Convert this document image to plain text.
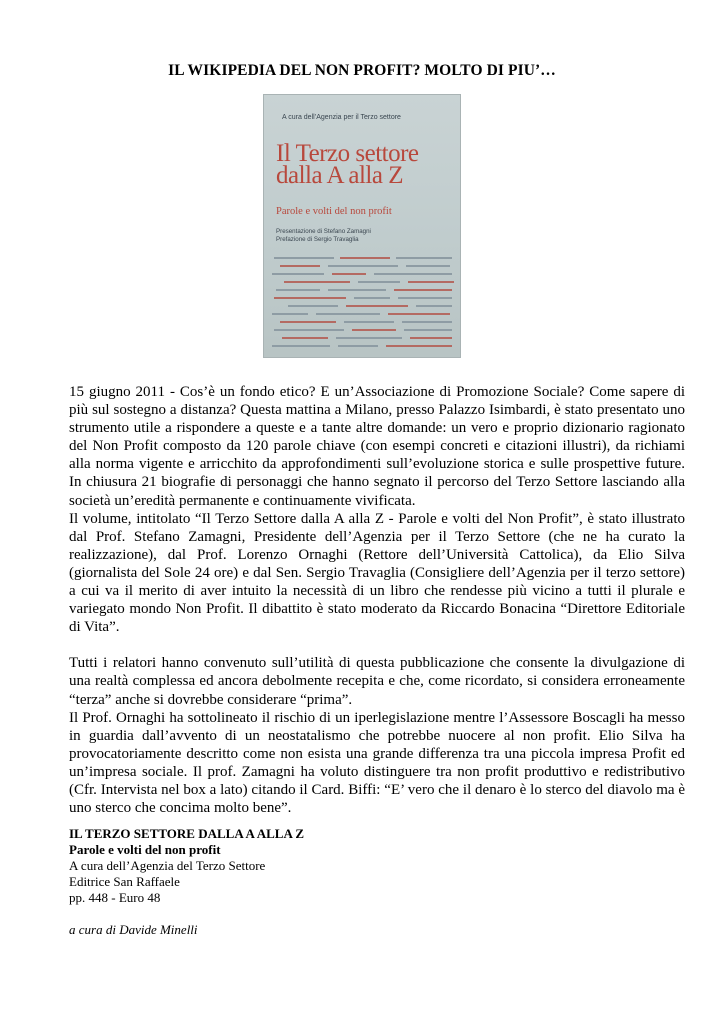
IL WIKIPEDIA DEL NON PROFIT? MOLTO DI PIU’…
A cura dell’Agenzia per il Terzo settore
Il Terzo settore
dalla A alla Z
Parole e volti del non profit
Presentazione di Stefano Zamagni
Prefazione di Sergio Travaglia

15 giugno 2011 - Cos’è un fondo etico? E un’Associazione di Promozione Sociale? Come sapere di più sul sostegno a distanza? Questa mattina a Milano, presso Palazzo Isimbardi, è stato presentato uno strumento utile a rispondere a queste e a tante altre domande: un vero e proprio dizionario ragionato del Non Profit composto da 120 parole chiave (con esempi concreti e citazioni illustri), da richiami alla norma vigente e arricchito da approfondimenti sull’evoluzione storica e sulle prospettive future. In chiusura 21 biografie di personaggi che hanno segnato il percorso del Terzo Settore lasciando alla società un’eredità permanente e continuamente vivificata.

Il volume, intitolato “Il Terzo Settore dalla A alla Z - Parole e volti del Non Profit”, è stato illustrato dal Prof. Stefano Zamagni, Presidente dell’Agenzia per il Terzo Settore (che ne ha curato la realizzazione), dal Prof. Lorenzo Ornaghi (Rettore dell’Università Cattolica), da Elio Silva (giornalista del Sole 24 ore) e dal Sen. Sergio Travaglia (Consigliere dell’Agenzia per il terzo settore) a cui va il merito di aver intuito la necessità di un libro che rendesse più vicino a tutti il plurale e variegato mondo Non Profit. Il dibattito è stato moderato da Riccardo Bonacina “Direttore Editoriale di Vita”.

Tutti i relatori hanno convenuto sull’utilità di questa pubblicazione che consente la divulgazione di una realtà complessa ed ancora debolmente recepita e che, come ricordato, si considera erroneamente “terza” anche si dovrebbe considerare “prima”.

Il Prof. Ornaghi ha sottolineato il rischio di un iperlegislazione mentre l’Assessore Boscagli ha messo in guardia dall’avvento di un neostatalismo che potrebbe nuocere al non profit. Elio Silva ha provocatoriamente descritto come non esista una grande differenza tra una piccola impresa Profit ed un’impresa sociale. Il prof. Zamagni ha voluto distinguere tra non profit produttivo e redistributivo (Cfr. Intervista nel box a lato) citando il Card. Biffi: “E’ vero che il denaro è lo sterco del diavolo ma è uno sterco che concima molto bene”.

IL TERZO SETTORE DALLA A ALLA Z
Parole e volti del non profit
A cura dell’Agenzia del Terzo Settore
Editrice San Raffaele
pp. 448 - Euro 48
a cura di Davide Minelli
